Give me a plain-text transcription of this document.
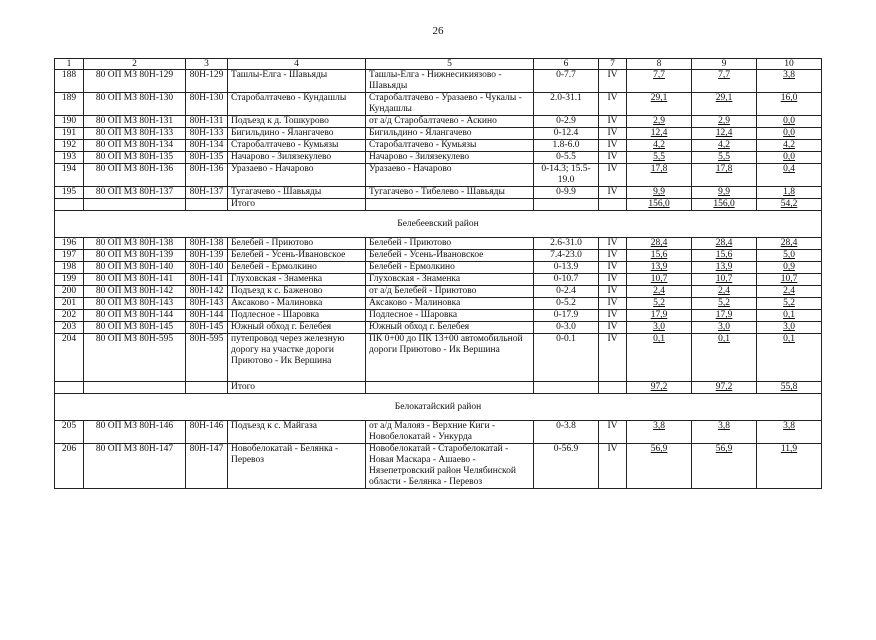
26
1	2	3	4	5	6	7	8	9	10
188	80 ОП МЗ 80Н-129	80Н-129	Ташлы-Елга - Шавьяды	Ташлы-Елга - Нижнесикиязово - Шавьяды	0-7.7	IV	7,7	7,7	3,8
189	80 ОП МЗ 80Н-130	80Н-130	Старобалтачево - Кундашлы	Старобалтачево - Уразаево - Чукалы - Кундашлы	2.0-31.1	IV	29,1	29,1	16,0
190	80 ОП МЗ 80Н-131	80Н-131	Подъезд к д. Тошкурово	от а/д Старобалтачево - Аскино	0-2.9	IV	2,9	2,9	0,0
191	80 ОП МЗ 80Н-133	80Н-133	Бигильдино - Ялангачево	Бигильдино - Ялангачево	0-12.4	IV	12,4	12,4	0,0
192	80 ОП МЗ 80Н-134	80Н-134	Старобалтачево - Кумьязы	Старобалтачево - Кумьязы	1.8-6.0	IV	4,2	4,2	4,2
193	80 ОП МЗ 80Н-135	80Н-135	Начарово - Зилязекулево	Начарово - Зилязекулево	0-5.5	IV	5,5	5,5	0,0
194	80 ОП МЗ 80Н-136	80Н-136	Уразаево - Начарово	Уразаево - Начарово	0-14.3; 15.5-19.0	IV	17,8	17,8	0,4
195	80 ОП МЗ 80Н-137	80Н-137	Тугагачево - Шавьяды	Тугагачево - Тибелево - Шавьяды	0-9.9	IV	9,9	9,9	1,8
			Итого				156,0	156,0	54,2
Белебеевский район									
196	80 ОП МЗ 80Н-138	80Н-138	Белебей - Приютово	Белебей - Приютово	2.6-31.0	IV	28,4	28,4	28,4
197	80 ОП МЗ 80Н-139	80Н-139	Белебей - Усень-Ивановское	Белебей - Усень-Ивановское	7.4-23.0	IV	15,6	15,6	5,0
198	80 ОП МЗ 80Н-140	80Н-140	Белебей - Ермолкино	Белебей - Ермолкино	0-13.9	IV	13,9	13,9	0,9
199	80 ОП МЗ 80Н-141	80Н-141	Глуховская - Знаменка	Глуховская - Знаменка	0-10.7	IV	10,7	10,7	10,7
200	80 ОП МЗ 80Н-142	80Н-142	Подъезд к с. Баженово	от а/д Белебей - Приютово	0-2.4	IV	2,4	2,4	2,4
201	80 ОП МЗ 80Н-143	80Н-143	Аксаково - Малиновка	Аксаково - Малиновка	0-5.2	IV	5,2	5,2	5,2
202	80 ОП МЗ 80Н-144	80Н-144	Подлесное - Шаровка	Подлесное - Шаровка	0-17.9	IV	17,9	17,9	0,1
203	80 ОП МЗ 80Н-145	80Н-145	Южный обход г. Белебея	Южный обход г. Белебея	0-3.0	IV	3,0	3,0	3,0
204	80 ОП МЗ 80Н-595	80Н-595	путепровод через железную дорогу на участке дороги Приютово - Ик Вершина	ПК 0+00 до ПК 13+00 автомобильной дороги Приютово - Ик Вершина	0-0.1	IV	0,1	0,1	0,1
			Итого				97,2	97,2	55,8
Белокатайский район									
205	80 ОП МЗ 80Н-146	80Н-146	Подъезд к с. Майгаза	от а/д Малояз - Верхние Киги - Новобелокатай - Ункурда	0-3.8	IV	3,8	3,8	3,8
206	80 ОП МЗ 80Н-147	80Н-147	Новобелокатай - Белянка - Перевоз	Новобелокатай - Старобелокатай - Новая Маскара - Ашаево - Нязепетровский район Челябинской области - Белянка - Перевоз	0-56.9	IV	56,9	56,9	11,9
